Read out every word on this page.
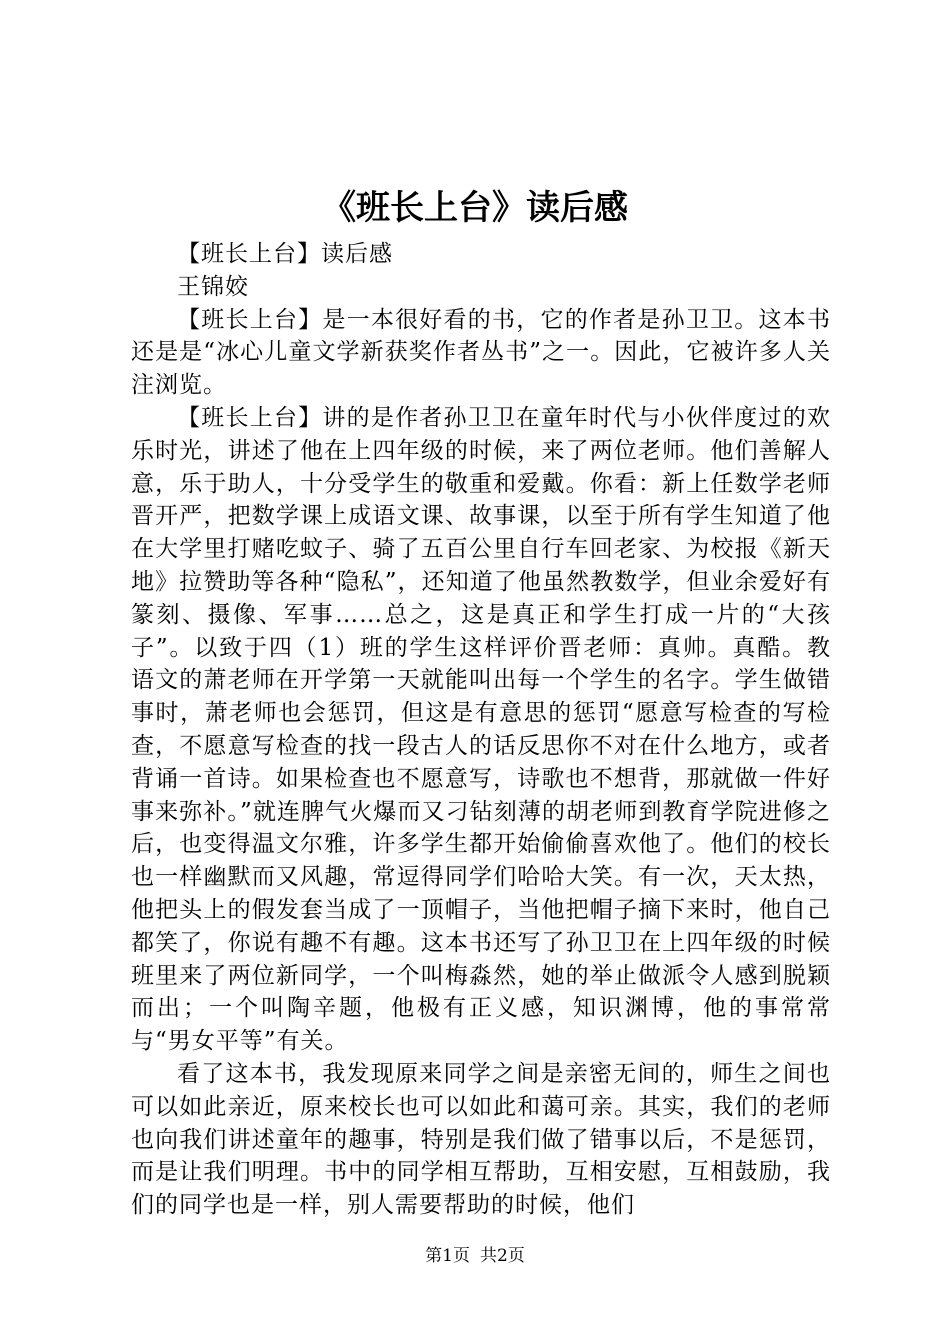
《班长上台》读后感

【班长上台】读后感

王锦姣

【班长上台】是一本很好看的书，它的作者是孙卫卫。这本书还是是“冰心儿童文学新获奖作者丛书”之一。因此，它被许多人关注浏览。

【班长上台】讲的是作者孙卫卫在童年时代与小伙伴度过的欢乐时光，讲述了他在上四年级的时候，来了两位老师。他们善解人意，乐于助人，十分受学生的敬重和爱戴。你看：新上任数学老师晋开严，把数学课上成语文课、故事课，以至于所有学生知道了他在大学里打赌吃蚊子、骑了五百公里自行车回老家、为校报《新天地》拉赞助等各种“隐私”，还知道了他虽然教数学，但业余爱好有篆刻、摄像、军事……总之，这是真正和学生打成一片的“大孩子”。以致于四（1）班的学生这样评价晋老师：真帅。真酷。教语文的萧老师在开学第一天就能叫出每一个学生的名字。学生做错事时，萧老师也会惩罚，但这是有意思的惩罚“愿意写检查的写检查，不愿意写检查的找一段古人的话反思你不对在什么地方，或者背诵一首诗。如果检查也不愿意写，诗歌也不想背，那就做一件好事来弥补。”就连脾气火爆而又刁钻刻薄的胡老师到教育学院进修之后，也变得温文尔雅，许多学生都开始偷偷喜欢他了。他们的校长也一样幽默而又风趣，常逗得同学们哈哈大笑。有一次，天太热，他把头上的假发套当成了一顶帽子，当他把帽子摘下来时，他自己都笑了，你说有趣不有趣。这本书还写了孙卫卫在上四年级的时候班里来了两位新同学，一个叫梅淼然，她的举止做派令人感到脱颖而出；一个叫陶辛题，他极有正义感，知识渊博，他的事常常与“男女平等”有关。

看了这本书，我发现原来同学之间是亲密无间的，师生之间也可以如此亲近，原来校长也可以如此和蔼可亲。其实，我们的老师也向我们讲述童年的趣事，特别是我们做了错事以后，不是惩罚，而是让我们明理。书中的同学相互帮助，互相安慰，互相鼓励，我们的同学也是一样，别人需要帮助的时候，他们

第1页 共2页
